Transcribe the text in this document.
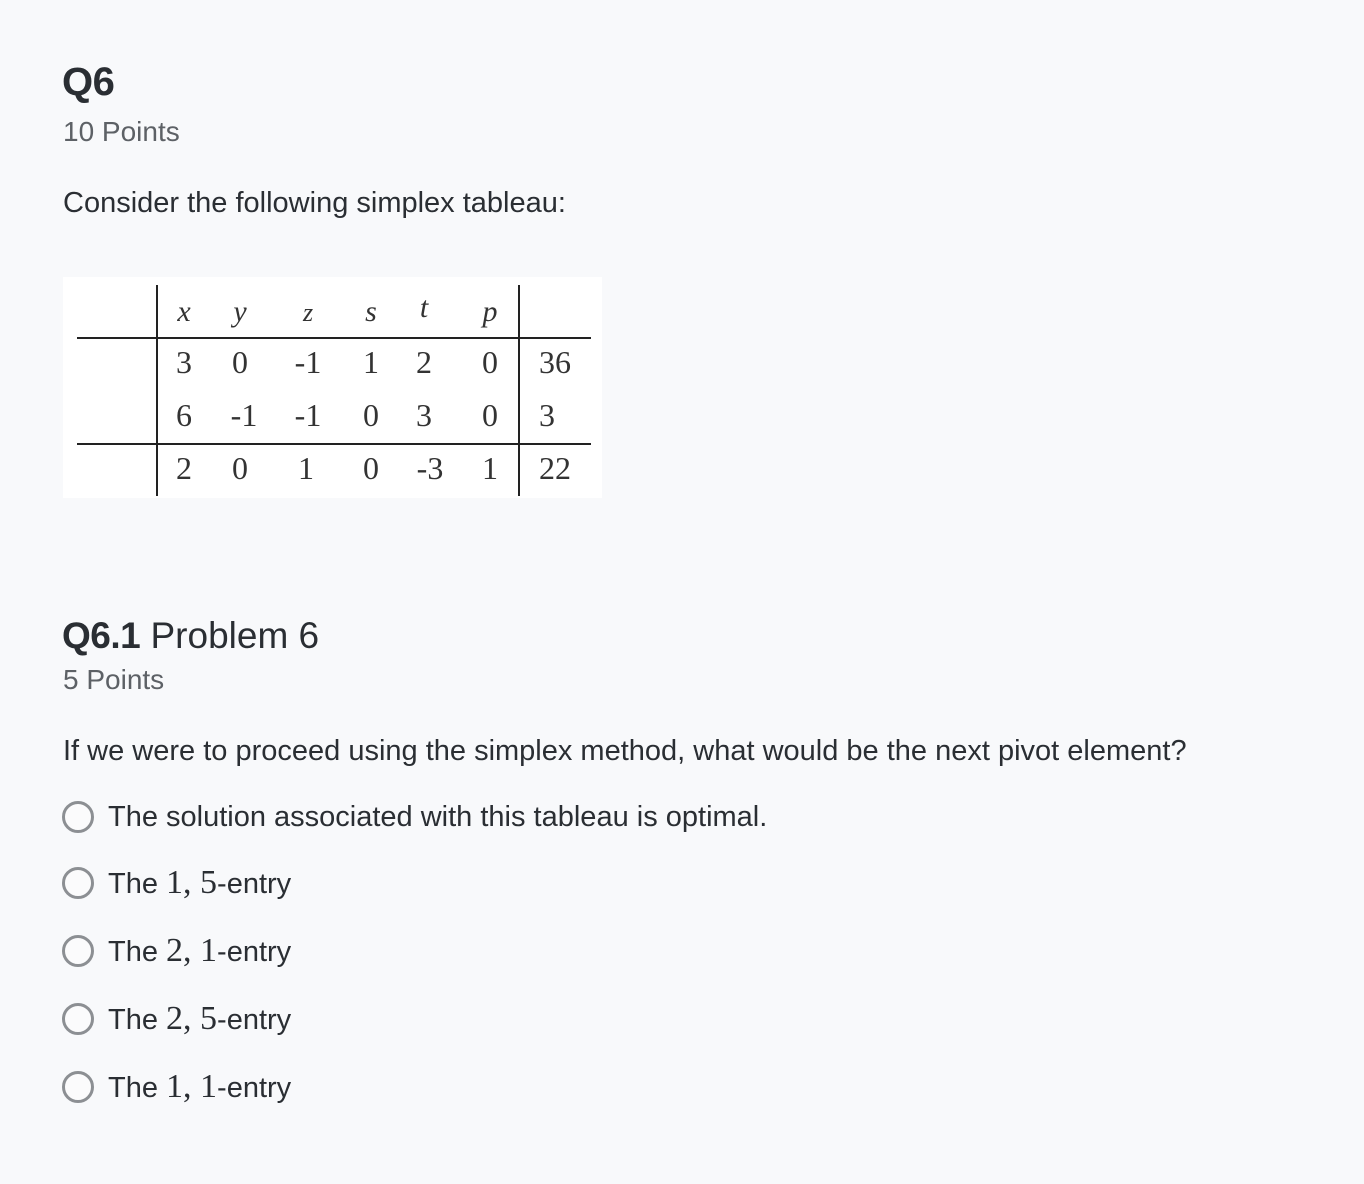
Q6
10 Points
Consider the following simplex tableau:
x y z s t p
3 0 -1 1 2 0 36
6 -1 -1 0 3 0 3
2 0 1 0 -3 1 22
Q6.1 Problem 6
5 Points
If we were to proceed using the simplex method, what would be the next pivot element?
The solution associated with this tableau is optimal.
The 1, 5-entry
The 2, 1-entry
The 2, 5-entry
The 1, 1-entry
